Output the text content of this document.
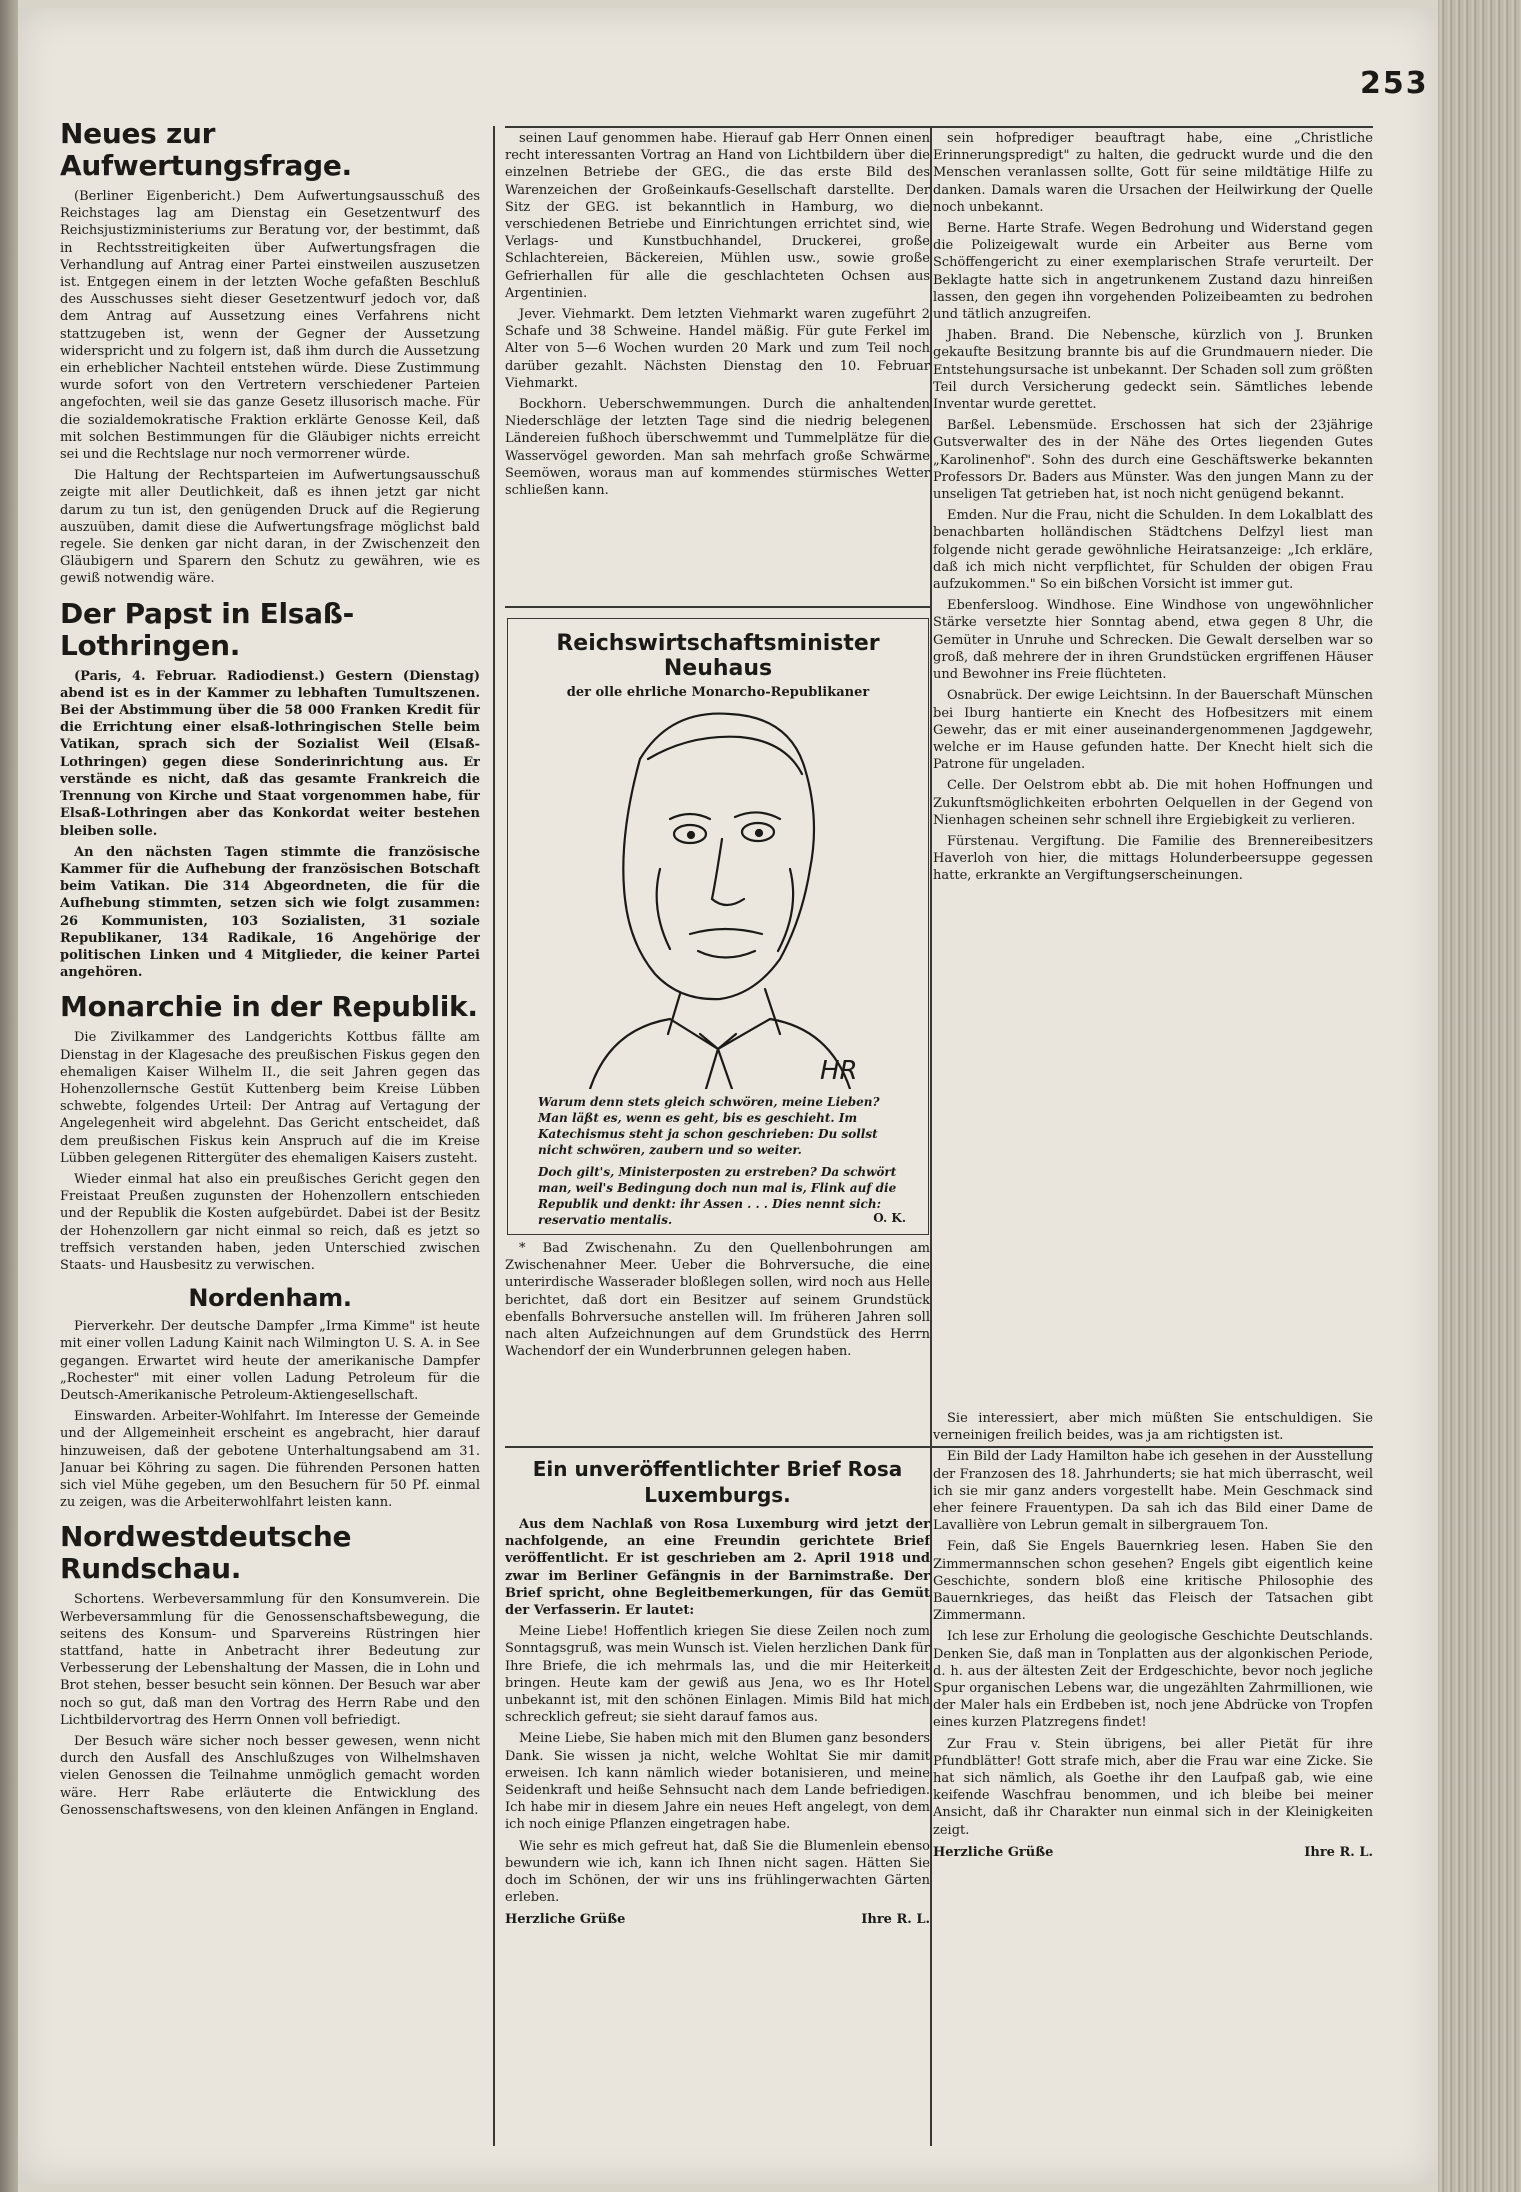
253
Neues zur Aufwertungsfrage.

(Berliner Eigenbericht.) Dem Aufwertungsausschuß des Reichstages lag am Dienstag ein Gesetzentwurf des Reichsjustizministeriums zur Beratung vor, der bestimmt, daß in Rechtsstreitigkeiten über Aufwertungsfragen die Verhandlung auf Antrag einer Partei einstweilen auszusetzen ist. Entgegen einem in der letzten Woche gefaßten Beschluß des Ausschusses sieht dieser Gesetzentwurf jedoch vor, daß dem Antrag auf Aussetzung eines Verfahrens nicht stattzugeben ist, wenn der Gegner der Aussetzung widerspricht und zu folgern ist, daß ihm durch die Aussetzung ein erheblicher Nachteil entstehen würde. Diese Zustimmung wurde sofort von den Vertretern verschiedener Parteien angefochten, weil sie das ganze Gesetz illusorisch mache. Für die sozialdemokratische Fraktion erklärte Genosse Keil, daß mit solchen Bestimmungen für die Gläubiger nichts erreicht sei und die Rechtslage nur noch vermorrener würde.

Die Haltung der Rechtsparteien im Aufwertungsausschuß zeigte mit aller Deutlichkeit, daß es ihnen jetzt gar nicht darum zu tun ist, den genügenden Druck auf die Regierung auszuüben, damit diese die Aufwertungsfrage möglichst bald regele. Sie denken gar nicht daran, in der Zwischenzeit den Gläubigern und Sparern den Schutz zu gewähren, wie es gewiß notwendig wäre.

Der Papst in Elsaß-Lothringen.

(Paris, 4. Februar. Radiodienst.) Gestern (Dienstag) abend ist es in der Kammer zu lebhaften Tumultszenen. Bei der Abstimmung über die 58 000 Franken Kredit für die Errichtung einer elsaß-lothringischen Stelle beim Vatikan, sprach sich der Sozialist Weil (Elsaß-Lothringen) gegen diese Sonderinrichtung aus. Er verstände es nicht, daß das gesamte Frankreich die Trennung von Kirche und Staat vorgenommen habe, für Elsaß-Lothringen aber das Konkordat weiter bestehen bleiben solle.

An den nächsten Tagen stimmte die französische Kammer für die Aufhebung der französischen Botschaft beim Vatikan. Die 314 Abgeordneten, die für die Aufhebung stimmten, setzen sich wie folgt zusammen: 26 Kommunisten, 103 Sozialisten, 31 soziale Republikaner, 134 Radikale, 16 Angehörige der politischen Linken und 4 Mitglieder, die keiner Partei angehören.

Monarchie in der Republik.

Die Zivilkammer des Landgerichts Kottbus fällte am Dienstag in der Klagesache des preußischen Fiskus gegen den ehemaligen Kaiser Wilhelm II., die seit Jahren gegen das Hohenzollernsche Gestüt Kuttenberg beim Kreise Lübben schwebte, folgendes Urteil: Der Antrag auf Vertagung der Angelegenheit wird abgelehnt. Das Gericht entscheidet, daß dem preußischen Fiskus kein Anspruch auf die im Kreise Lübben gelegenen Rittergüter des ehemaligen Kaisers zusteht.

Wieder einmal hat also ein preußisches Gericht gegen den Freistaat Preußen zugunsten der Hohenzollern entschieden und der Republik die Kosten aufgebürdet. Dabei ist der Besitz der Hohenzollern gar nicht einmal so reich, daß es jetzt so treffsich verstanden haben, jeden Unterschied zwischen Staats- und Hausbesitz zu verwischen.

Nordenham.

Pierverkehr. Der deutsche Dampfer „Irma Kimme" ist heute mit einer vollen Ladung Kainit nach Wilmington U. S. A. in See gegangen. Erwartet wird heute der amerikanische Dampfer „Rochester" mit einer vollen Ladung Petroleum für die Deutsch-Amerikanische Petroleum-Aktiengesellschaft.

Einswarden. Arbeiter-Wohlfahrt. Im Interesse der Gemeinde und der Allgemeinheit erscheint es angebracht, hier darauf hinzuweisen, daß der gebotene Unterhaltungsabend am 31. Januar bei Köhring zu sagen. Die führenden Personen hatten sich viel Mühe gegeben, um den Besuchern für 50 Pf. einmal zu zeigen, was die Arbeiterwohlfahrt leisten kann.

Nordwestdeutsche Rundschau.

Schortens. Werbeversammlung für den Konsumverein. Die Werbeversammlung für die Genossenschaftsbewegung, die seitens des Konsum- und Sparvereins Rüstringen hier stattfand, hatte in Anbetracht ihrer Bedeutung zur Verbesserung der Lebenshaltung der Massen, die in Lohn und Brot stehen, besser besucht sein können. Der Besuch war aber noch so gut, daß man den Vortrag des Herrn Rabe und den Lichtbildervortrag des Herrn Onnen voll befriedigt.

Der Besuch wäre sicher noch besser gewesen, wenn nicht durch den Ausfall des Anschlußzuges von Wilhelmshaven vielen Genossen die Teilnahme unmöglich gemacht worden wäre. Herr Rabe erläuterte die Entwicklung des Genossenschaftswesens, von den kleinen Anfängen in England.

seinen Lauf genommen habe. Hierauf gab Herr Onnen einen recht interessanten Vortrag an Hand von Lichtbildern über die einzelnen Betriebe der GEG., die das erste Bild des Warenzeichen der Großeinkaufs-Gesellschaft darstellte. Der Sitz der GEG. ist bekanntlich in Hamburg, wo die verschiedenen Betriebe und Einrichtungen errichtet sind, wie Verlags- und Kunstbuchhandel, Druckerei, große Schlachtereien, Bäckereien, Mühlen usw., sowie große Gefrierhallen für alle die geschlachteten Ochsen aus Argentinien.

Jever. Viehmarkt. Dem letzten Viehmarkt waren zugeführt 2 Schafe und 38 Schweine. Handel mäßig. Für gute Ferkel im Alter von 5—6 Wochen wurden 20 Mark und zum Teil noch darüber gezahlt. Nächsten Dienstag den 10. Februar Viehmarkt.

Bockhorn. Ueberschwemmungen. Durch die anhaltenden Niederschläge der letzten Tage sind die niedrig belegenen Ländereien fußhoch überschwemmt und Tummelplätze für die Wasservögel geworden. Man sah mehrfach große Schwärme Seemöwen, woraus man auf kommendes stürmisches Wetter schließen kann.

Reichswirtschaftsminister Neuhaus
der olle ehrliche Monarcho-Republikaner
HR

Warum denn stets gleich schwören, meine Lieben? Man läßt es, wenn es geht, bis es geschieht. Im Katechismus steht ja schon geschrieben: Du sollst nicht schwören, zaubern und so weiter.

Doch gilt's, Ministerposten zu erstreben? Da schwört man, weil's Bedingung doch nun mal is, Flink auf die Republik und denkt: ihr Assen . . . Dies nennt sich: reservatio mentalis.	O. K.

* Bad Zwischenahn. Zu den Quellenbohrungen am Zwischenahner Meer. Ueber die Bohrversuche, die eine unterirdische Wasserader bloßlegen sollen, wird noch aus Helle berichtet, daß dort ein Besitzer auf seinem Grundstück ebenfalls Bohrversuche anstellen will. Im früheren Jahren soll nach alten Aufzeichnungen auf dem Grundstück des Herrn Wachendorf der ein Wunderbrunnen gelegen haben.

sein hofprediger beauftragt habe, eine „Christliche Erinnerungspredigt" zu halten, die gedruckt wurde und die den Menschen veranlassen sollte, Gott für seine mildtätige Hilfe zu danken. Damals waren die Ursachen der Heilwirkung der Quelle noch unbekannt.

Berne. Harte Strafe. Wegen Bedrohung und Widerstand gegen die Polizeigewalt wurde ein Arbeiter aus Berne vom Schöffengericht zu einer exemplarischen Strafe verurteilt. Der Beklagte hatte sich in angetrunkenem Zustand dazu hinreißen lassen, den gegen ihn vorgehenden Polizeibeamten zu bedrohen und tätlich anzugreifen.

Jhaben. Brand. Die Nebensche, kürzlich von J. Brunken gekaufte Besitzung brannte bis auf die Grundmauern nieder. Die Entstehungsursache ist unbekannt. Der Schaden soll zum größten Teil durch Versicherung gedeckt sein. Sämtliches lebende Inventar wurde gerettet.

Barßel. Lebensmüde. Erschossen hat sich der 23jährige Gutsverwalter des in der Nähe des Ortes liegenden Gutes „Karolinenhof". Sohn des durch eine Geschäftswerke bekannten Professors Dr. Baders aus Münster. Was den jungen Mann zu der unseligen Tat getrieben hat, ist noch nicht genügend bekannt.

Emden. Nur die Frau, nicht die Schulden. In dem Lokalblatt des benachbarten holländischen Städtchens Delfzyl liest man folgende nicht gerade gewöhnliche Heiratsanzeige: „Ich erkläre, daß ich mich nicht verpflichtet, für Schulden der obigen Frau aufzukommen." So ein bißchen Vorsicht ist immer gut.

Ebenfersloog. Windhose. Eine Windhose von ungewöhnlicher Stärke versetzte hier Sonntag abend, etwa gegen 8 Uhr, die Gemüter in Unruhe und Schrecken. Die Gewalt derselben war so groß, daß mehrere der in ihren Grundstücken ergriffenen Häuser und Bewohner ins Freie flüchteten.

Osnabrück. Der ewige Leichtsinn. In der Bauerschaft Münschen bei Iburg hantierte ein Knecht des Hofbesitzers mit einem Gewehr, das er mit einer auseinandergenommenen Jagdgewehr, welche er im Hause gefunden hatte. Der Knecht hielt sich die Patrone für ungeladen.

Celle. Der Oelstrom ebbt ab. Die mit hohen Hoffnungen und Zukunftsmöglichkeiten erbohrten Oelquellen in der Gegend von Nienhagen scheinen sehr schnell ihre Ergiebigkeit zu verlieren.

Fürstenau. Vergiftung. Die Familie des Brennereibesitzers Haverloh von hier, die mittags Holunderbeersuppe gegessen hatte, erkrankte an Vergiftungserscheinungen.

Ein unveröffentlichter Brief Rosa Luxemburgs.

Aus dem Nachlaß von Rosa Luxemburg wird jetzt der nachfolgende, an eine Freundin gerichtete Brief veröffentlicht. Er ist geschrieben am 2. April 1918 und zwar im Berliner Gefängnis in der Barnimstraße. Der Brief spricht, ohne Begleitbemerkungen, für das Gemüt der Verfasserin. Er lautet:

Meine Liebe! Hoffentlich kriegen Sie diese Zeilen noch zum Sonntagsgruß, was mein Wunsch ist. Vielen herzlichen Dank für Ihre Briefe, die ich mehrmals las, und die mir Heiterkeit bringen. Heute kam der gewiß aus Jena, wo es Ihr Hotel unbekannt ist, mit den schönen Einlagen. Mimis Bild hat mich schrecklich gefreut; sie sieht darauf famos aus.

Meine Liebe, Sie haben mich mit den Blumen ganz besonders Dank. Sie wissen ja nicht, welche Wohltat Sie mir damit erweisen. Ich kann nämlich wieder botanisieren, und meine Seidenkraft und heiße Sehnsucht nach dem Lande befriedigen. Ich habe mir in diesem Jahre ein neues Heft angelegt, von dem ich noch einige Pflanzen eingetragen habe.

Wie sehr es mich gefreut hat, daß Sie die Blumenlein ebenso bewundern wie ich, kann ich Ihnen nicht sagen. Hätten Sie doch im Schönen, der wir uns ins frühlingerwachten Gärten erleben.

Herzliche Grüße	Ihre R. L.

Sie interessiert, aber mich müßten Sie entschuldigen. Sie verneinigen freilich beides, was ja am richtigsten ist.

Ein Bild der Lady Hamilton habe ich gesehen in der Ausstellung der Franzosen des 18. Jahrhunderts; sie hat mich überrascht, weil ich sie mir ganz anders vorgestellt habe. Mein Geschmack sind eher feinere Frauentypen. Da sah ich das Bild einer Dame de Lavallière von Lebrun gemalt in silbergrauem Ton.

Fein, daß Sie Engels Bauernkrieg lesen. Haben Sie den Zimmermannschen schon gesehen? Engels gibt eigentlich keine Geschichte, sondern bloß eine kritische Philosophie des Bauernkrieges, das heißt das Fleisch der Tatsachen gibt Zimmermann.

Ich lese zur Erholung die geologische Geschichte Deutschlands. Denken Sie, daß man in Tonplatten aus der algonkischen Periode, d. h. aus der ältesten Zeit der Erdgeschichte, bevor noch jegliche Spur organischen Lebens war, die ungezählten Zahrmillionen, wie der Maler hals ein Erdbeben ist, noch jene Abdrücke von Tropfen eines kurzen Platzregens findet!

Zur Frau v. Stein übrigens, bei aller Pietät für ihre Pfundblätter! Gott strafe mich, aber die Frau war eine Zicke. Sie hat sich nämlich, als Goethe ihr den Laufpaß gab, wie eine keifende Waschfrau benommen, und ich bleibe bei meiner Ansicht, daß ihr Charakter nun einmal sich in der Kleinigkeiten zeigt.

Herzliche Grüße	Ihre R. L.
